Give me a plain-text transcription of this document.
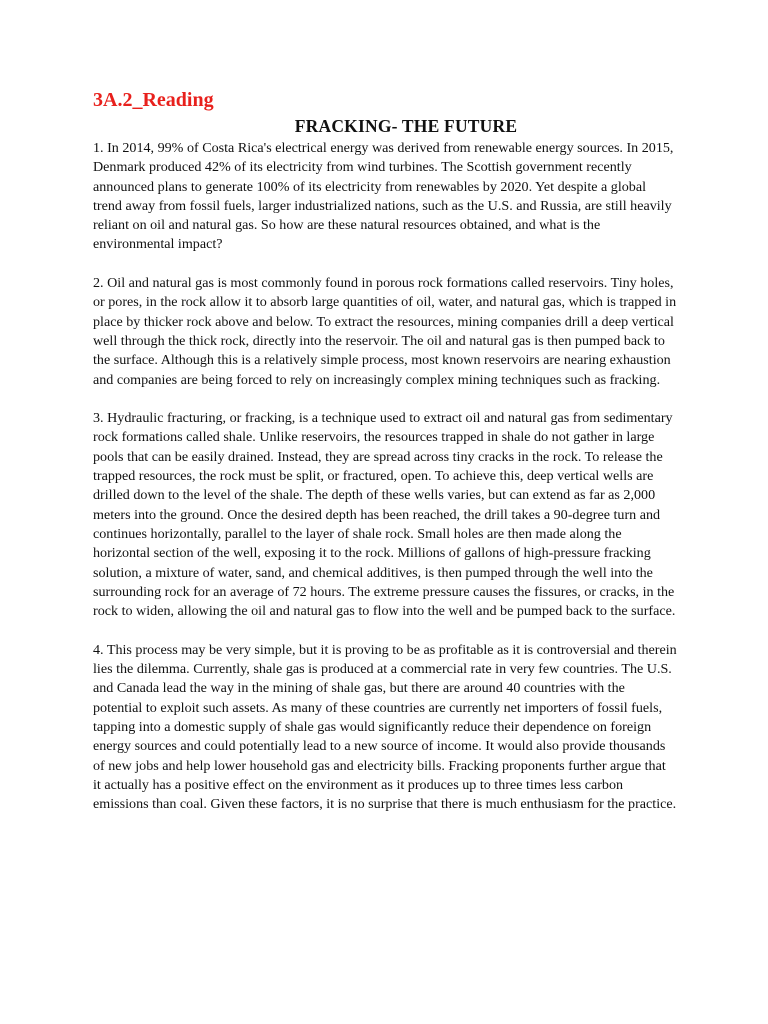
3A.2_Reading
FRACKING- THE FUTURE

1. In 2014, 99% of Costa Rica's electrical energy was derived from renewable energy sources. In 2015, Denmark produced 42% of its electricity from wind turbines. The Scottish government recently announced plans to generate 100% of its electricity from renewables by 2020. Yet despite a global trend away from fossil fuels, larger industrialized nations, such as the U.S. and Russia, are still heavily reliant on oil and natural gas. So how are these natural resources obtained, and what is the environmental impact?

2. Oil and natural gas is most commonly found in porous rock formations called reservoirs. Tiny holes, or pores, in the rock allow it to absorb large quantities of oil, water, and natural gas, which is trapped in place by thicker rock above and below. To extract the resources, mining companies drill a deep vertical well through the thick rock, directly into the reservoir. The oil and natural gas is then pumped back to the surface. Although this is a relatively simple process, most known reservoirs are nearing exhaustion and companies are being forced to rely on increasingly complex mining techniques such as fracking.

3. Hydraulic fracturing, or fracking, is a technique used to extract oil and natural gas from sedimentary rock formations called shale. Unlike reservoirs, the resources trapped in shale do not gather in large pools that can be easily drained. Instead, they are spread across tiny cracks in the rock. To release the trapped resources, the rock must be split, or fractured, open. To achieve this, deep vertical wells are drilled down to the level of the shale. The depth of these wells varies, but can extend as far as 2,000 meters into the ground. Once the desired depth has been reached, the drill takes a 90-degree turn and continues horizontally, parallel to the layer of shale rock. Small holes are then made along the horizontal section of the well, exposing it to the rock. Millions of gallons of high-pressure fracking solution, a mixture of water, sand, and chemical additives, is then pumped through the well into the surrounding rock for an average of 72 hours. The extreme pressure causes the fissures, or cracks, in the rock to widen, allowing the oil and natural gas to flow into the well and be pumped back to the surface.

4. This process may be very simple, but it is proving to be as profitable as it is controversial and therein lies the dilemma. Currently, shale gas is produced at a commercial rate in very few countries. The U.S. and Canada lead the way in the mining of shale gas, but there are around 40 countries with the potential to exploit such assets. As many of these countries are currently net importers of fossil fuels, tapping into a domestic supply of shale gas would significantly reduce their dependence on foreign energy sources and could potentially lead to a new source of income. It would also provide thousands of new jobs and help lower household gas and electricity bills. Fracking proponents further argue that it actually has a positive effect on the environment as it produces up to three times less carbon emissions than coal. Given these factors, it is no surprise that there is much enthusiasm for the practice.
